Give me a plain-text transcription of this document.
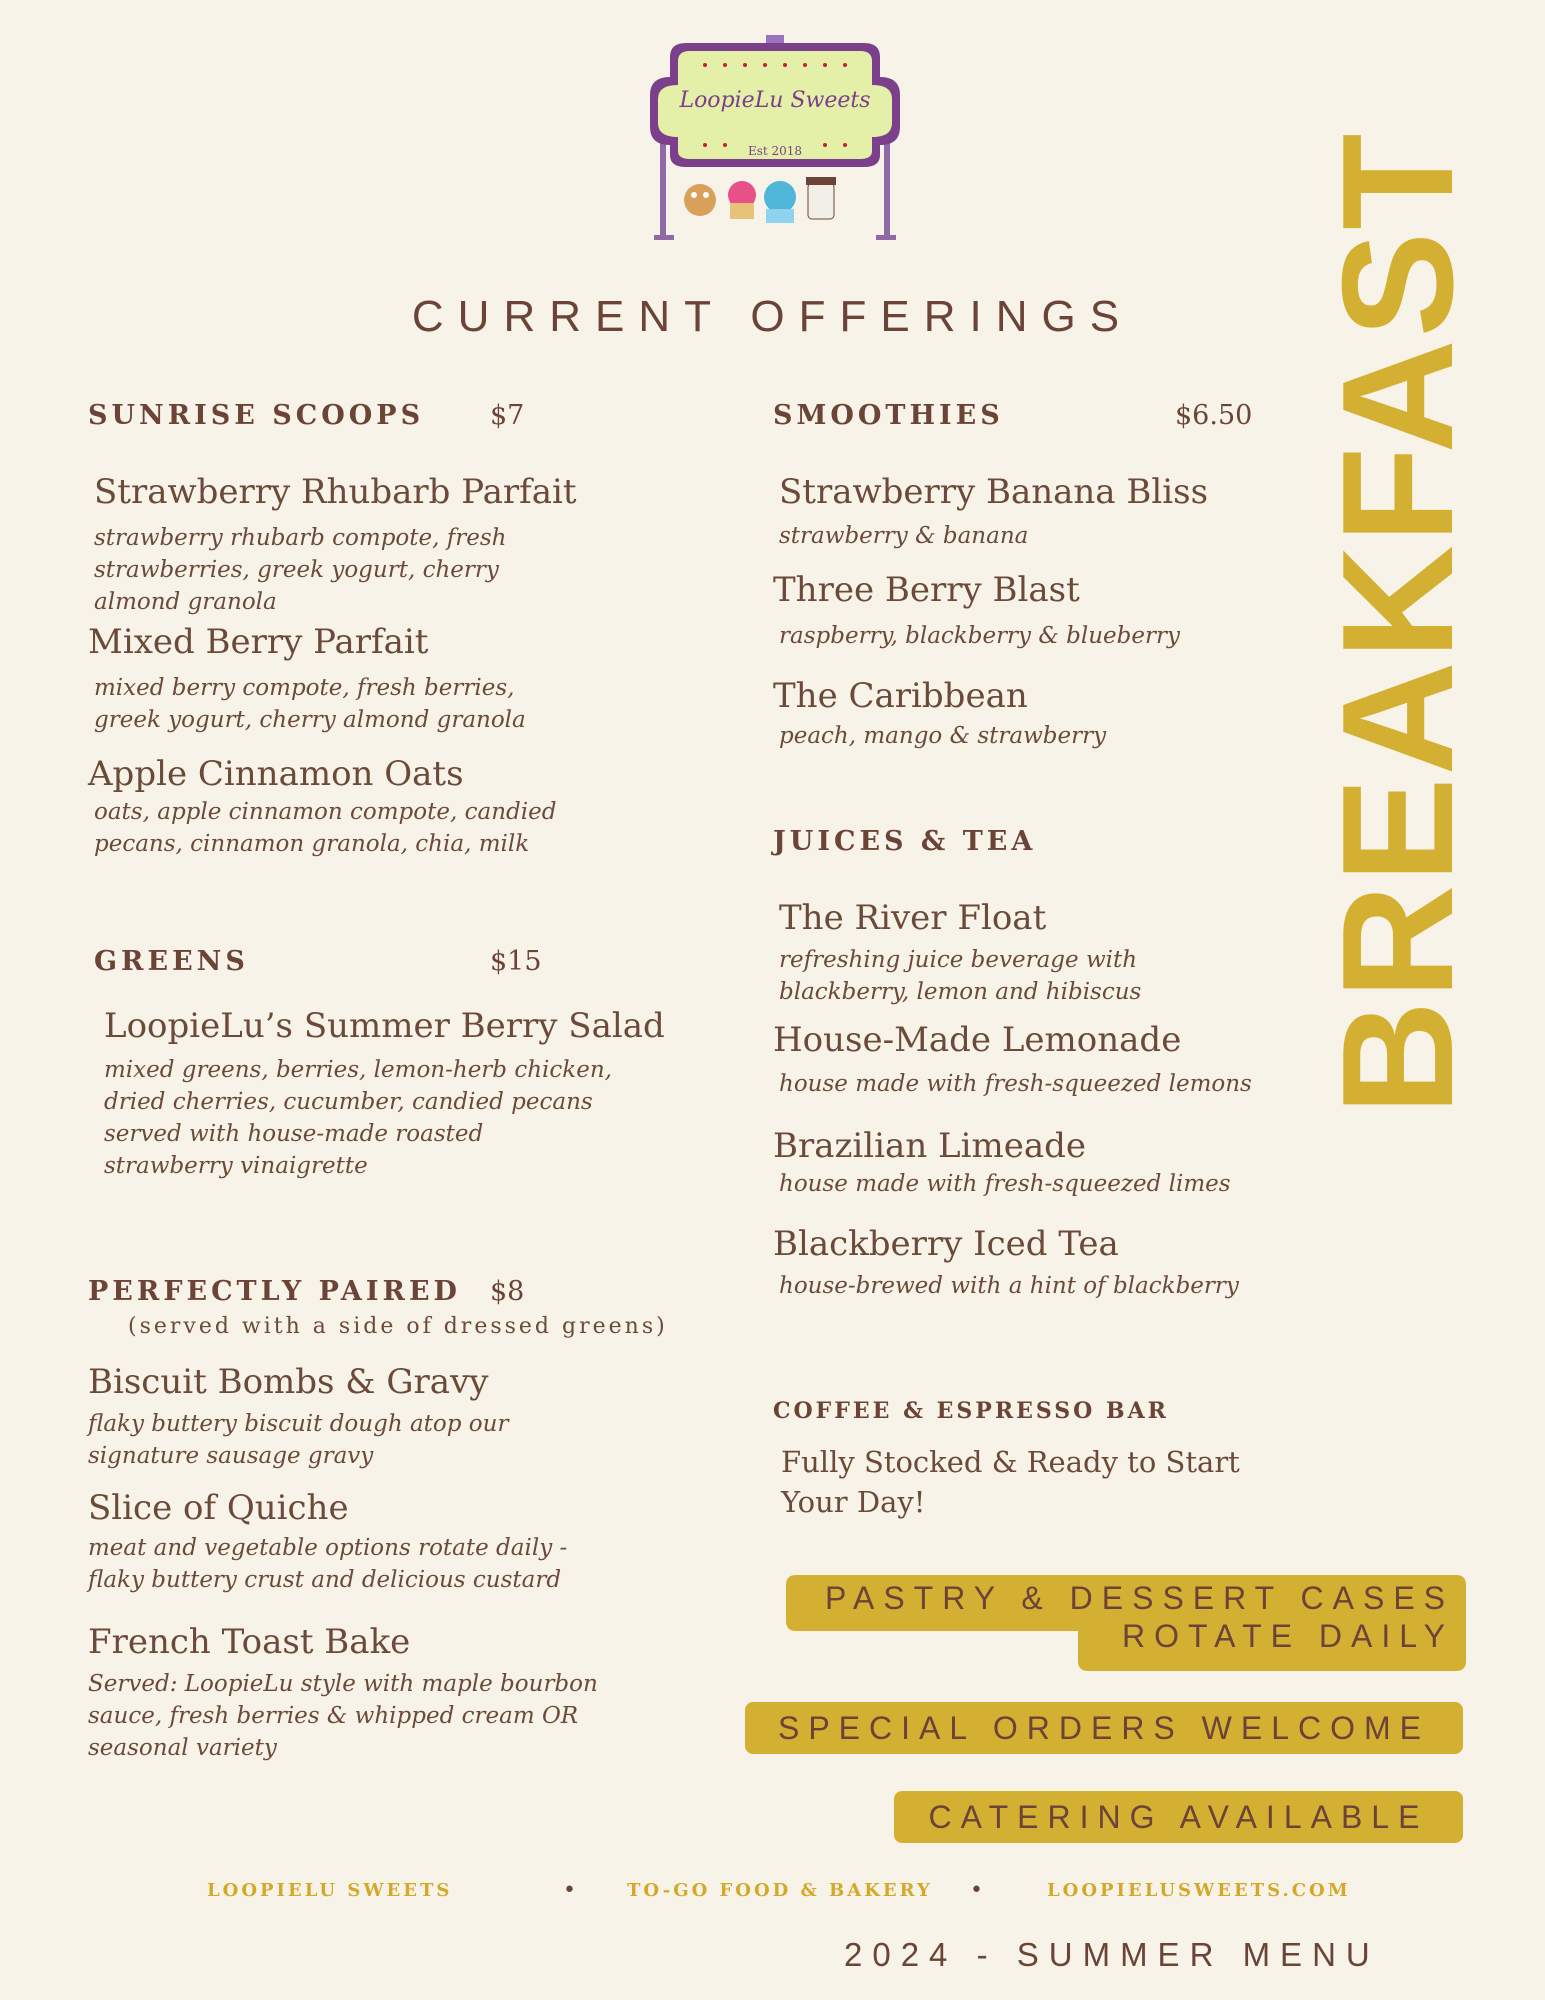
LoopieLu Sweets
Est 2018
CURRENT OFFERINGS	BREAKFAST
SUNRISE SCOOPS $7
Strawberry Rhubarb Parfait
strawberry rhubarb compote, fresh
strawberries, greek yogurt, cherry
almond granola
Mixed Berry Parfait
mixed berry compote, fresh berries,
greek yogurt, cherry almond granola
Apple Cinnamon Oats
oats, apple cinnamon compote, candied
pecans, cinnamon granola, chia, milk
GREENS	$15
LoopieLu’s Summer Berry Salad
mixed greens, berries, lemon-herb chicken,
dried cherries, cucumber, candied pecans
served with house-made roasted
strawberry vinaigrette
PERFECTLY PAIRED $8
(served with a side of dressed greens)
Biscuit Bombs & Gravy
flaky buttery biscuit dough atop our
signature sausage gravy
Slice of Quiche
meat and vegetable options rotate daily -
flaky buttery crust and delicious custard
French Toast Bake
Served: LoopieLu style with maple bourbon
sauce, fresh berries & whipped cream OR
seasonal variety
SMOOTHIES	$6.50
Strawberry Banana Bliss
strawberry & banana
Three Berry Blast
raspberry, blackberry & blueberry
The Caribbean
peach, mango & strawberry
JUICES & TEA
The River Float
refreshing juice beverage with
blackberry, lemon and hibiscus
House-Made Lemonade
house made with fresh-squeezed lemons
Brazilian Limeade
house made with fresh-squeezed limes
Blackberry Iced Tea
house-brewed with a hint of blackberry
COFFEE & ESPRESSO BAR
Fully Stocked & Ready to Start
Your Day!
PASTRY & DESSERT CASES
ROTATE DAILY
SPECIAL ORDERS WELCOME
CATERING AVAILABLE
LOOPIELU SWEETS	•	TO-GO FOOD & BAKERY •	LOOPIELUSWEETS.COM
2024 - SUMMER MENU
